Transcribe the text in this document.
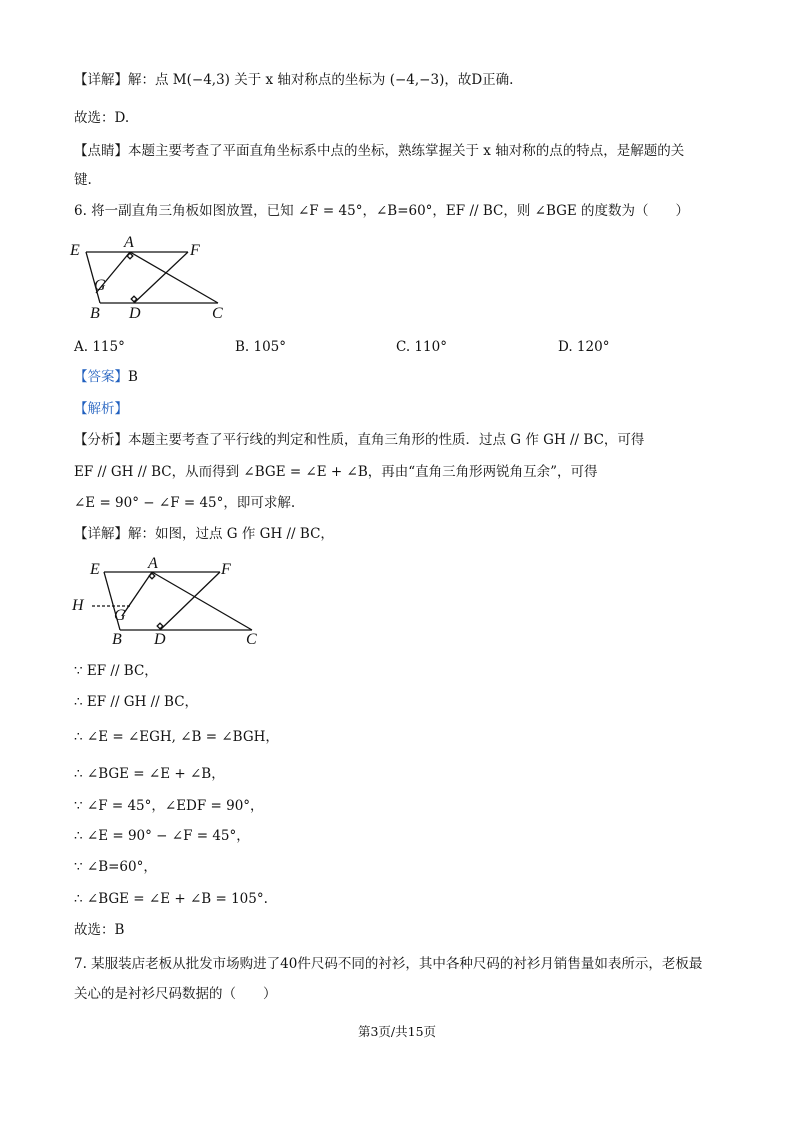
【详解】解：点 M(−4,3) 关于 x 轴对称点的坐标为 (−4,−3)，故D正确.
故选：D.
【点睛】本题主要考查了平面直角坐标系中点的坐标，熟练掌握关于 x 轴对称的点的特点，是解题的关
键.
6. 将一副直角三角板如图放置，已知 ∠F = 45°，∠B=60°，EF // BC，则 ∠BGE 的度数为（　　）
E	A	F
G
B D	C
A. 115°	B. 105°	C. 110°	D. 120°
【答案】B
【解析】
【分析】本题主要考查了平行线的判定和性质，直角三角形的性质．过点 G 作 GH // BC，可得
EF // GH // BC，从而得到 ∠BGE = ∠E + ∠B，再由“直角三角形两锐角互余”，可得
∠E = 90° − ∠F = 45°，即可求解.
【详解】解：如图，过点 G 作 GH // BC，
E	A	F
H
G
B D	C
∵ EF // BC，
∴ EF // GH // BC，
∴ ∠E = ∠EGH, ∠B = ∠BGH，
∴ ∠BGE = ∠E + ∠B，
∵ ∠F = 45°，∠EDF = 90°，
∴ ∠E = 90° − ∠F = 45°，
∵ ∠B=60°，
∴ ∠BGE = ∠E + ∠B = 105°.
故选：B
7. 某服装店老板从批发市场购进了40件尺码不同的衬衫，其中各种尺码的衬衫月销售量如表所示，老板最
关心的是衬衫尺码数据的（　　）
第3页/共15页
